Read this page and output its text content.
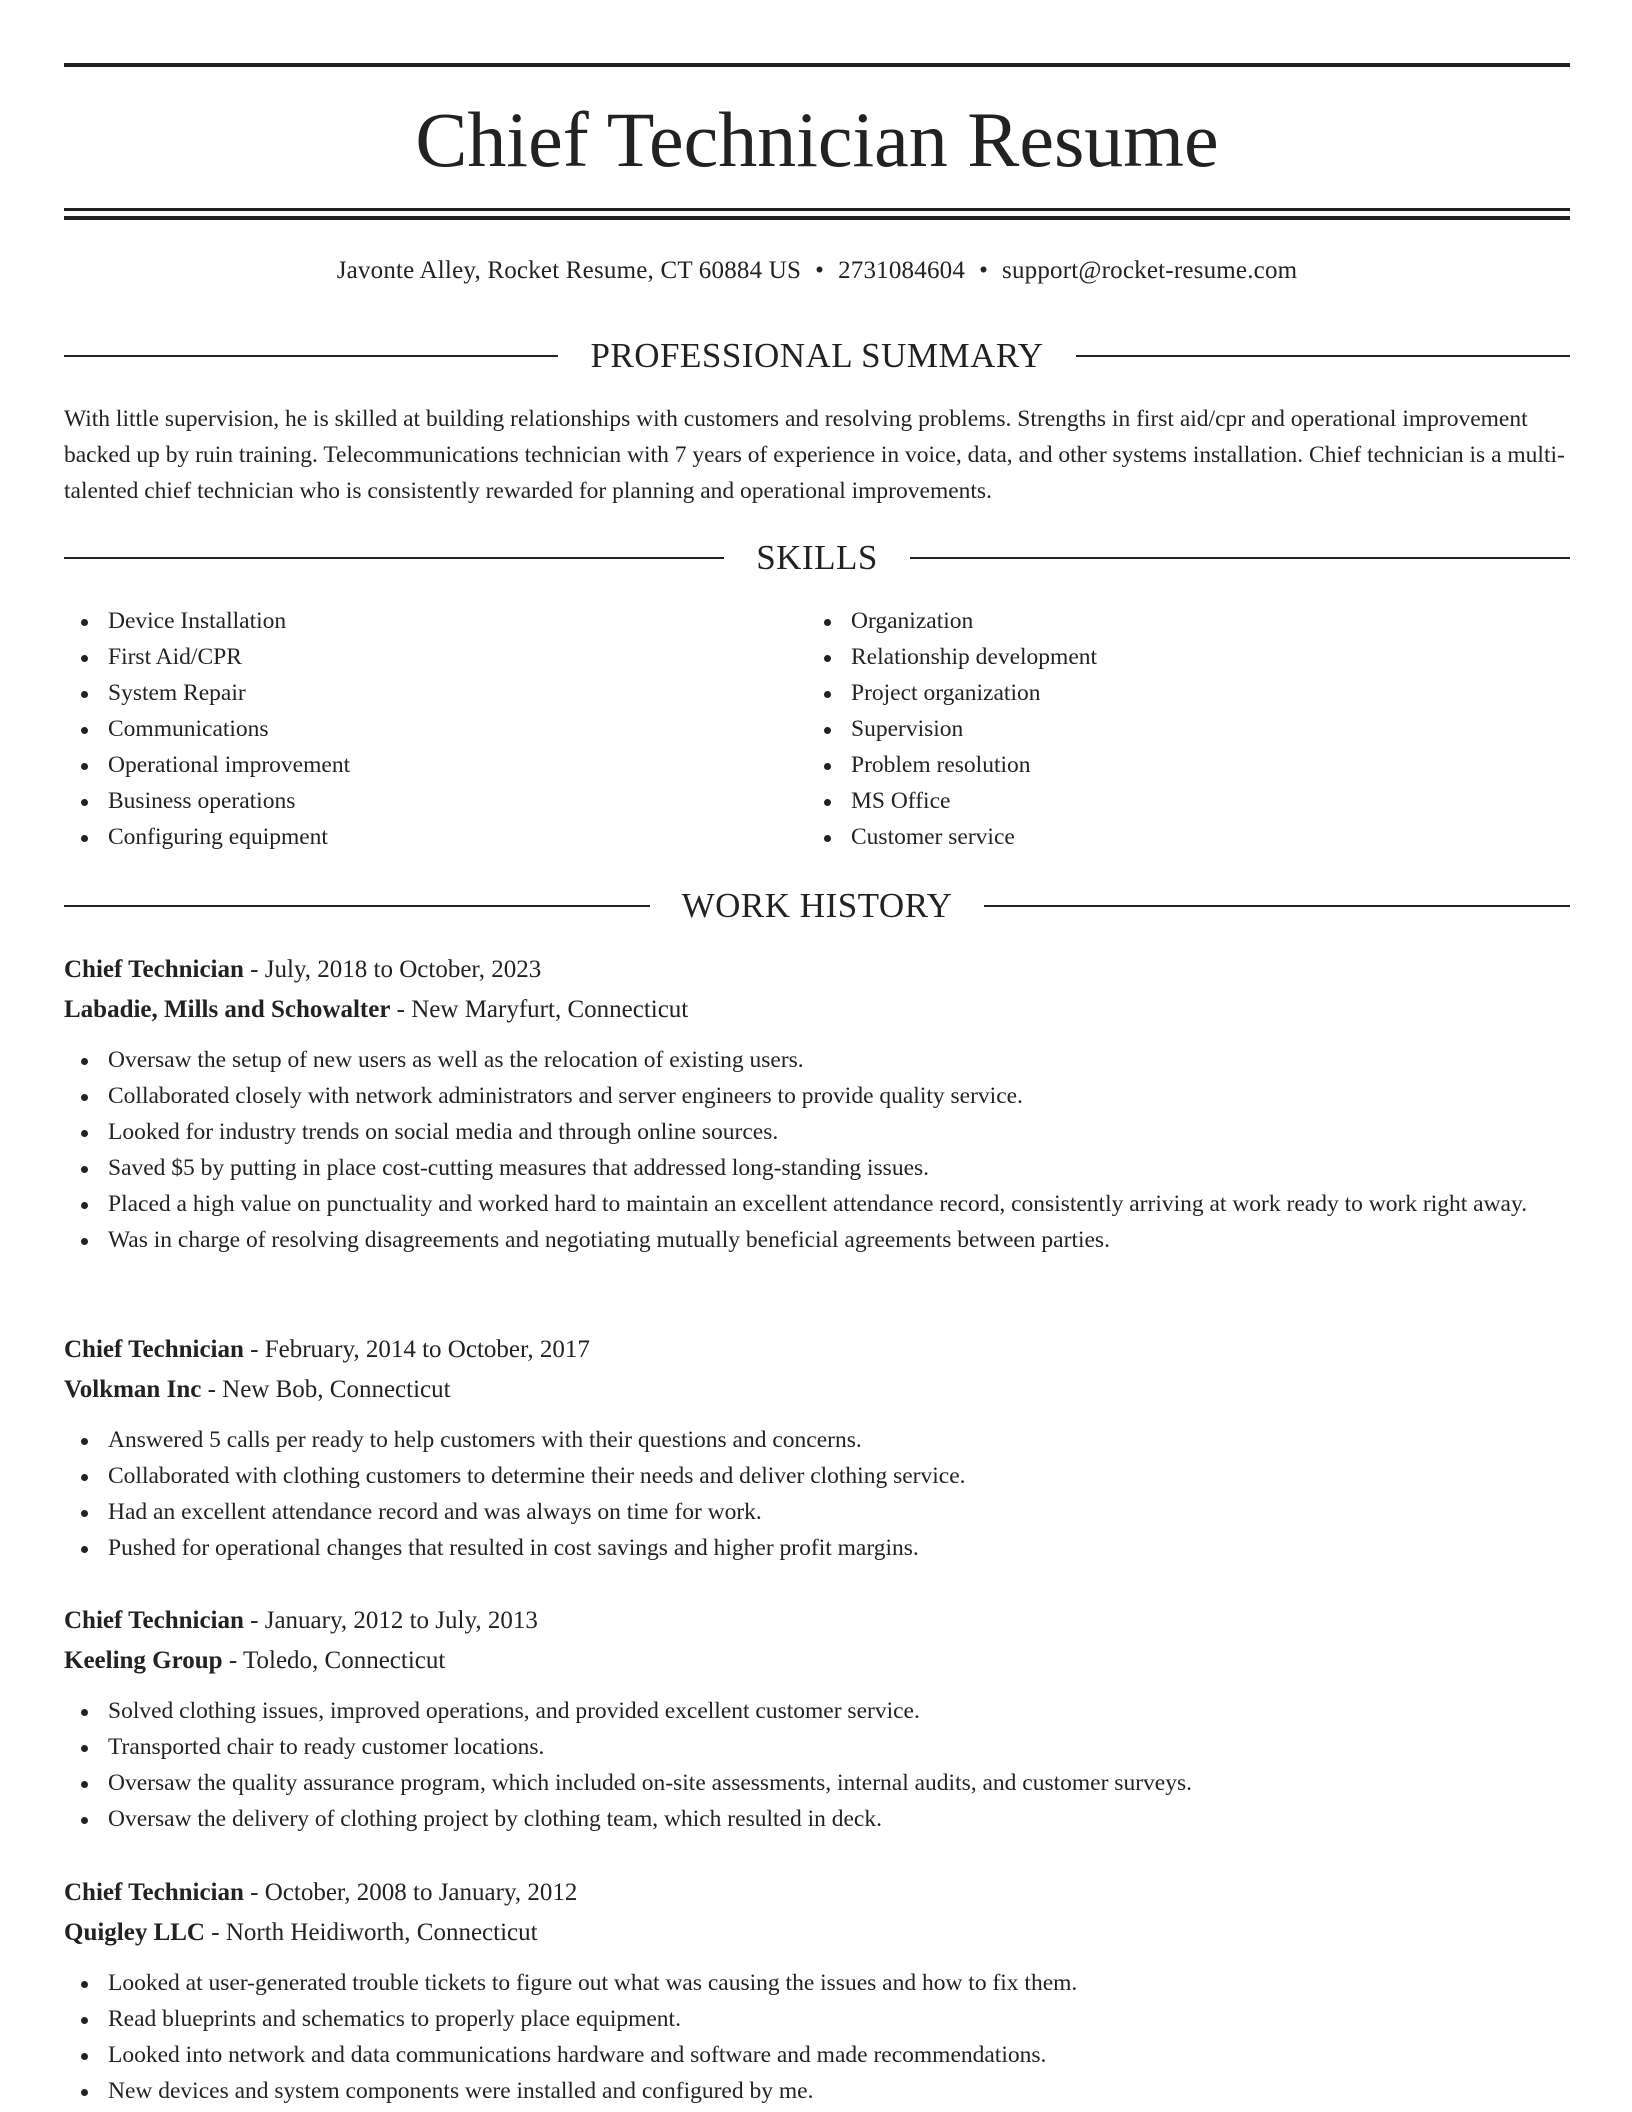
Chief Technician Resume
Javonte Alley, Rocket Resume, CT 60884 US • 2731084604 • support@rocket-resume.com
PROFESSIONAL SUMMARY

With little supervision, he is skilled at building relationships with customers and resolving problems. Strengths in first aid/cpr and operational improvement backed up by ruin training. Telecommunications technician with 7 years of experience in voice, data, and other systems installation. Chief technician is a multi-talented chief technician who is consistently rewarded for planning and operational improvements.

SKILLS
Device Installation
First Aid/CPR
System Repair
Communications
Operational improvement
Business operations
Configuring equipment
Organization
Relationship development
Project organization
Supervision
Problem resolution
MS Office
Customer service
WORK HISTORY
Chief Technician - July, 2018 to October, 2023
Labadie, Mills and Schowalter - New Maryfurt, Connecticut
Oversaw the setup of new users as well as the relocation of existing users.
Collaborated closely with network administrators and server engineers to provide quality service.
Looked for industry trends on social media and through online sources.
Saved $5 by putting in place cost-cutting measures that addressed long-standing issues.
Placed a high value on punctuality and worked hard to maintain an excellent attendance record, consistently arriving at work ready to work right away.
Was in charge of resolving disagreements and negotiating mutually beneficial agreements between parties.
Chief Technician - February, 2014 to October, 2017
Volkman Inc - New Bob, Connecticut
Answered 5 calls per ready to help customers with their questions and concerns.
Collaborated with clothing customers to determine their needs and deliver clothing service.
Had an excellent attendance record and was always on time for work.
Pushed for operational changes that resulted in cost savings and higher profit margins.
Chief Technician - January, 2012 to July, 2013
Keeling Group - Toledo, Connecticut
Solved clothing issues, improved operations, and provided excellent customer service.
Transported chair to ready customer locations.
Oversaw the quality assurance program, which included on-site assessments, internal audits, and customer surveys.
Oversaw the delivery of clothing project by clothing team, which resulted in deck.
Chief Technician - October, 2008 to January, 2012
Quigley LLC - North Heidiworth, Connecticut
Looked at user-generated trouble tickets to figure out what was causing the issues and how to fix them.
Read blueprints and schematics to properly place equipment.
Looked into network and data communications hardware and software and made recommendations.
New devices and system components were installed and configured by me.
